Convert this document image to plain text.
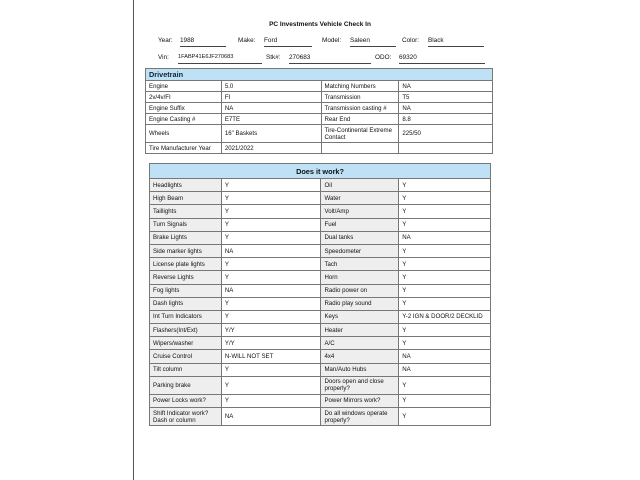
PC Investments Vehicle Check In
Year: 1988	Make: Ford	Model: Saleen	Color: Black
Vin: 1FABP41E6JF270683	Stk#: 270683	ODO: 69320
Drivetrain			
Engine	5.0	Matching Numbers	NA
2v/4v/FI	FI	Transmission	T5
Engine Suffix	NA	Transmission casting #	NA
Engine Casting #	E7TE	Rear End	8.8
Wheels	16" Baskets	Tire-Continental Extreme Contact	225/50
Tire Manufacturer Year	2021/2022		
Does it work?			
Headlights	Y	Oil	Y
High Beam	Y	Water	Y
Taillights	Y	Volt/Amp	Y
Turn Signals	Y	Fuel	Y
Brake Lights	Y	Dual tanks	NA
Side marker lights	NA	Speedometer	Y
License plate lights	Y	Tach	Y
Reverse Lights	Y	Horn	Y
Fog lights	NA	Radio power on	Y
Dash lights	Y	Radio play sound	Y
Int Turn Indicators	Y	Keys	Y-2 IGN & DOOR/2 DECKLID
Flashers(Int/Ext)	Y/Y	Heater	Y
Wipers/washer	Y/Y	A/C	Y
Cruise Control	N-WILL NOT SET	4x4	NA
Tilt column	Y	Man/Auto Hubs	NA
Parking brake	Y	Doors open and close properly?	Y
Power Locks work?	Y	Power Mirrors work?	Y
Shift Indicator work?Dash or column	NA	Do all windows operate properly?	Y
